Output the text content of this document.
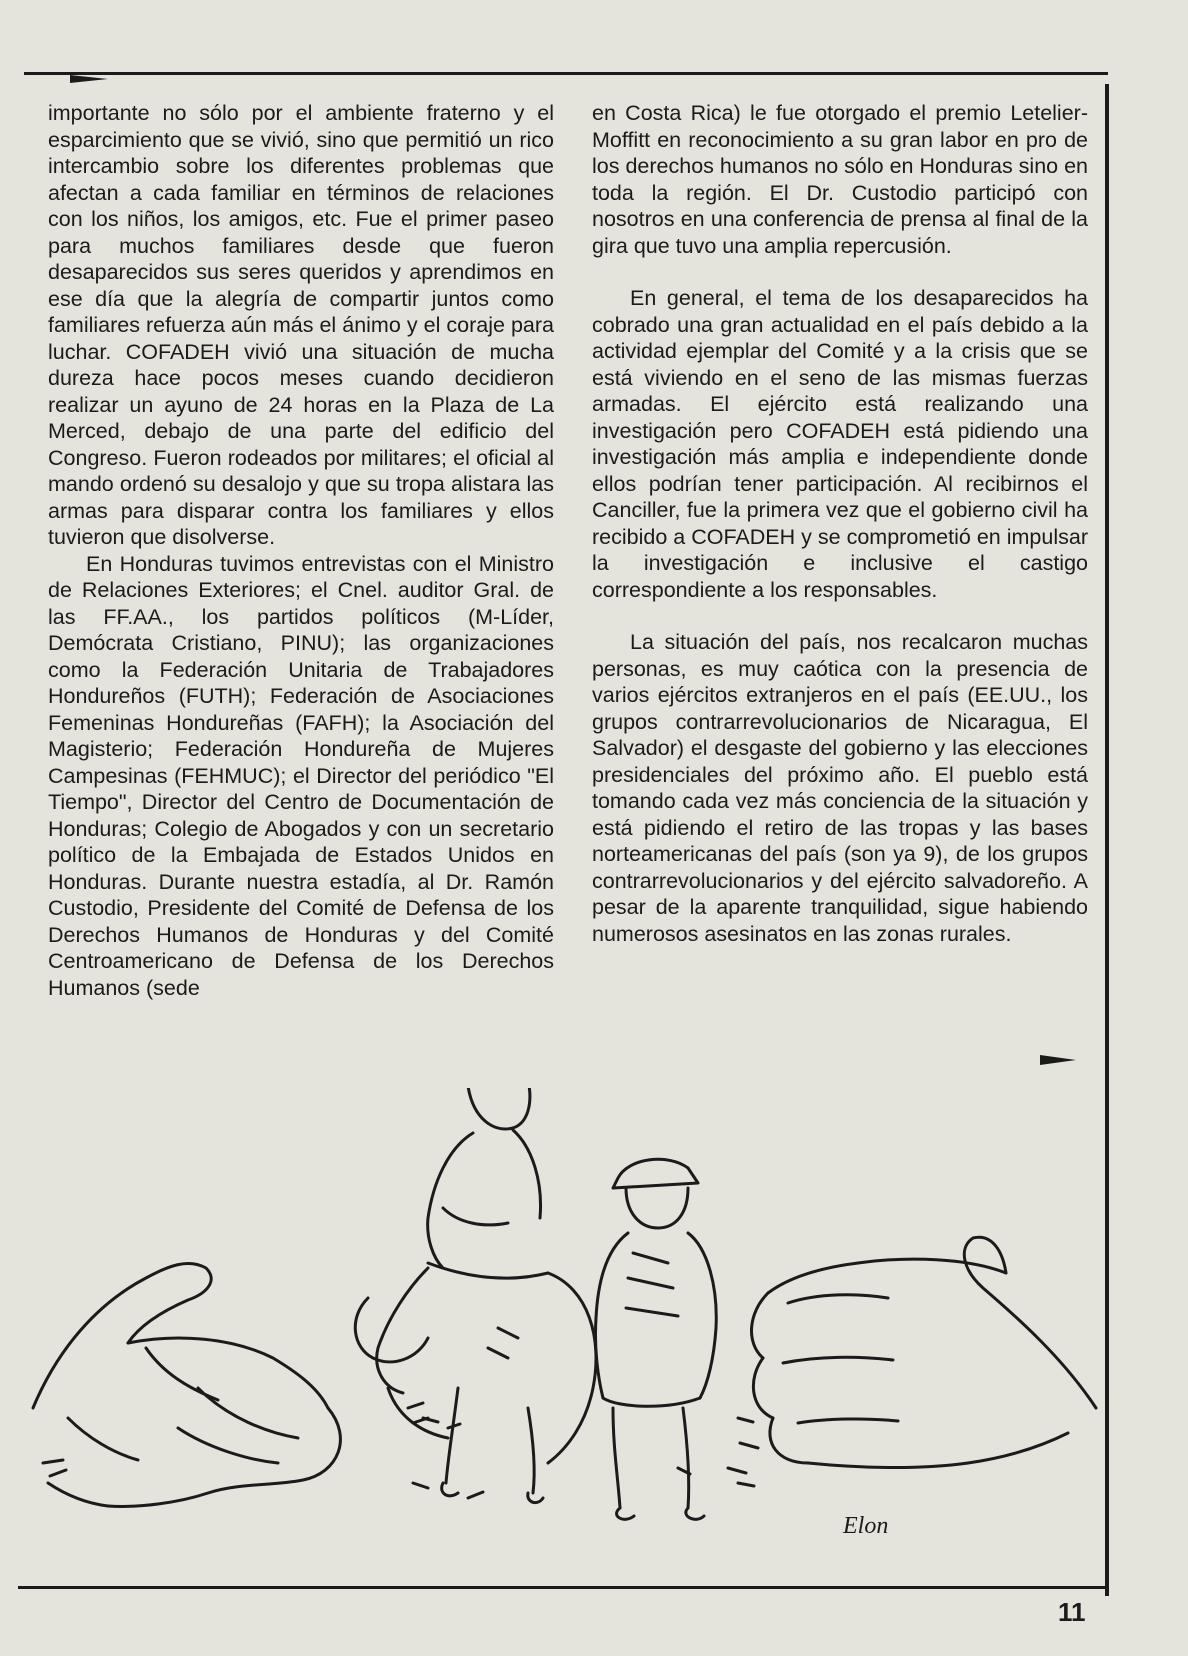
importante no sólo por el ambiente fraterno y el esparcimiento que se vivió, sino que permitió un rico intercambio sobre los diferentes problemas que afectan a cada familiar en términos de relaciones con los niños, los amigos, etc. Fue el primer paseo para muchos familiares desde que fueron desaparecidos sus seres queridos y aprendimos en ese día que la alegría de compartir juntos como familiares refuerza aún más el ánimo y el coraje para luchar. COFADEH vivió una situación de mucha dureza hace pocos meses cuando decidieron realizar un ayuno de 24 horas en la Plaza de La Merced, debajo de una parte del edificio del Congreso. Fueron rodeados por militares; el oficial al mando ordenó su desalojo y que su tropa alistara las armas para disparar contra los familiares y ellos tuvieron que disolverse.

En Honduras tuvimos entrevistas con el Ministro de Relaciones Exteriores; el Cnel. auditor Gral. de las FF.AA., los partidos políticos (M-Líder, Demócrata Cristiano, PINU); las organizaciones como la Federación Unitaria de Trabajadores Hondureños (FUTH); Federación de Asociaciones Femeninas Hondureñas (FAFH); la Asociación del Magisterio; Federación Hondureña de Mujeres Campesinas (FEHMUC); el Director del periódico "El Tiempo", Director del Centro de Documentación de Honduras; Colegio de Abogados y con un secretario político de la Embajada de Estados Unidos en Honduras. Durante nuestra estadía, al Dr. Ramón Custodio, Presidente del Comité de Defensa de los Derechos Humanos de Honduras y del Comité Centroamericano de Defensa de los Derechos Humanos (sede

en Costa Rica) le fue otorgado el premio Letelier-Moffitt en reconocimiento a su gran labor en pro de los derechos humanos no sólo en Honduras sino en toda la región. El Dr. Custodio participó con nosotros en una conferencia de prensa al final de la gira que tuvo una amplia repercusión.

En general, el tema de los desaparecidos ha cobrado una gran actualidad en el país debido a la actividad ejemplar del Comité y a la crisis que se está viviendo en el seno de las mismas fuerzas armadas. El ejército está realizando una investigación pero COFADEH está pidiendo una investigación más amplia e independiente donde ellos podrían tener participación. Al recibirnos el Canciller, fue la primera vez que el gobierno civil ha recibido a COFADEH y se comprometió en impulsar la investigación e inclusive el castigo correspondiente a los responsables.

La situación del país, nos recalcaron muchas personas, es muy caótica con la presencia de varios ejércitos extranjeros en el país (EE.UU., los grupos contrarrevolucionarios de Nicaragua, El Salvador) el desgaste del gobierno y las elecciones presidenciales del próximo año. El pueblo está tomando cada vez más conciencia de la situación y está pidiendo el retiro de las tropas y las bases norteamericanas del país (son ya 9), de los grupos contrarrevolucionarios y del ejército salvadoreño. A pesar de la aparente tranquilidad, sigue habiendo numerosos asesinatos en las zonas rurales.

Elon
11
